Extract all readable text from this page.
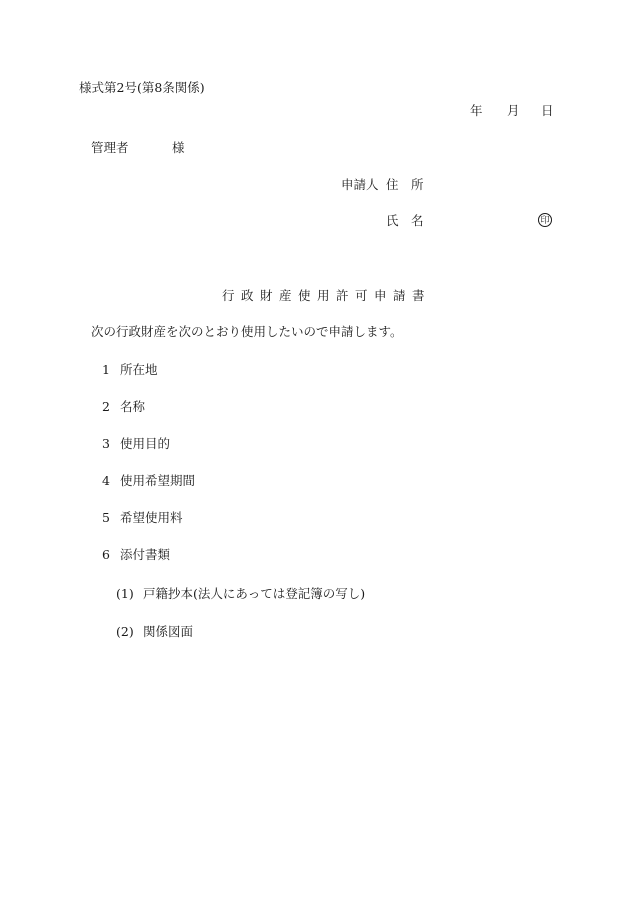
様式第2号(第8条関係)
年 月 日
管理者	様
申請人 住　所
氏　名	印
行政財産使用許可申請書
次の行政財産を次のとおり使用したいので申請します。
1 所在地
2 名称
3 使用目的
4 使用希望期間
5 希望使用料
6 添付書類
(1) 戸籍抄本(法人にあっては登記簿の写し)
(2) 関係図面
